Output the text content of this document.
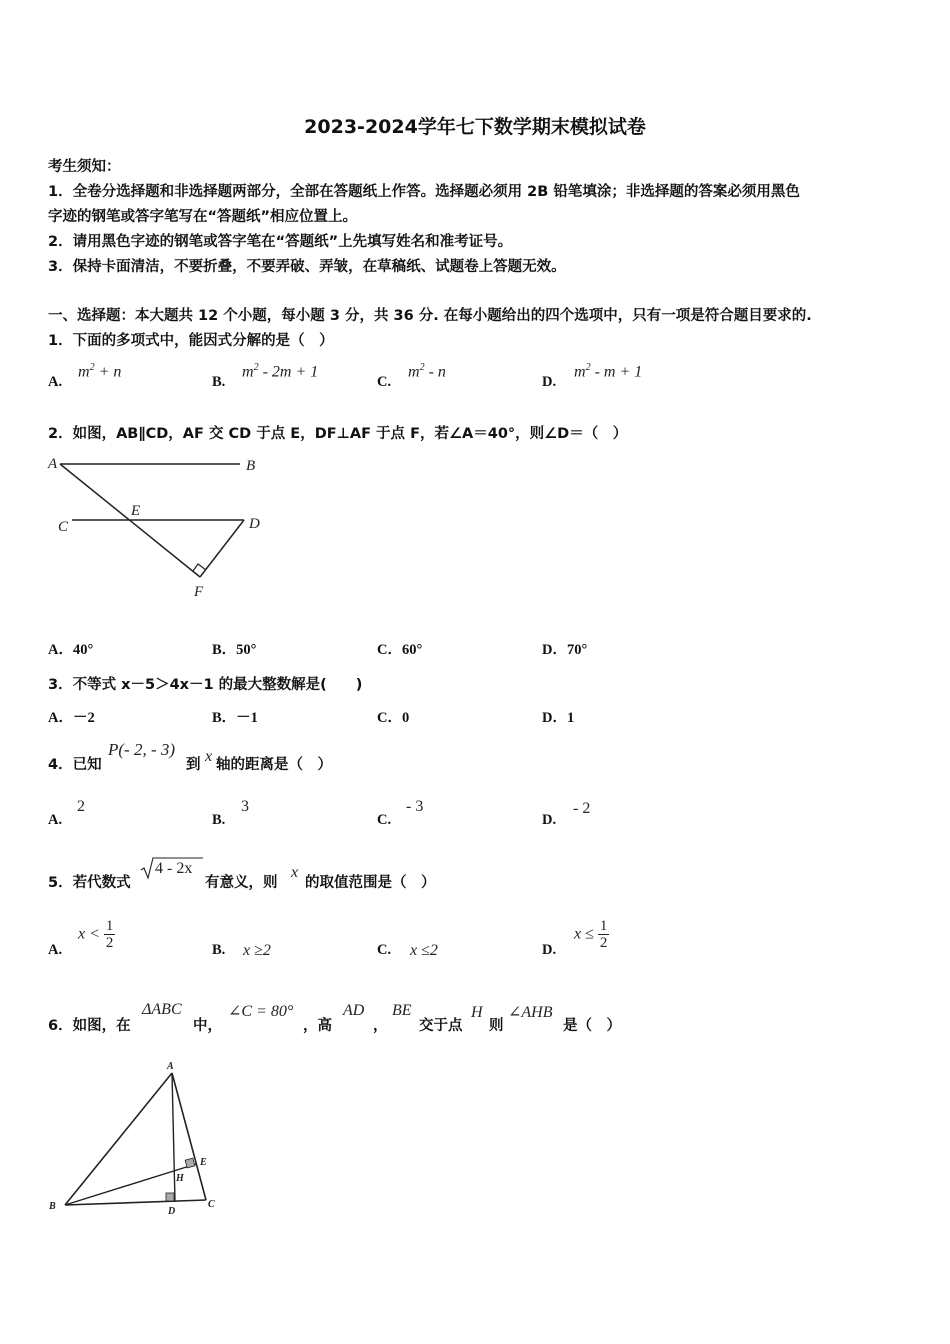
2023-2024学年七下数学期末模拟试卷
考生须知：
1．全卷分选择题和非选择题两部分，全部在答题纸上作答。选择题必须用 2B 铅笔填涂；非选择题的答案必须用黑色
字迹的钢笔或答字笔写在“答题纸”相应位置上。
2．请用黑色字迹的钢笔或答字笔在“答题纸”上先填写姓名和准考证号。
3．保持卡面清洁，不要折叠，不要弄破、弄皱，在草稿纸、试题卷上答题无效。
一、选择题：本大题共 12 个小题，每小题 3 分，共 36 分. 在每小题给出的四个选项中，只有一项是符合题目要求的.
1．下面的多项式中，能因式分解的是（　）
A.
$m^2 + n$
B.
$m^2 - 2m + 1$
C.
$m^2$ - n
D.
$m^2 - m + 1$
2．如图，AB∥CD，AF 交 CD 于点 E，DF⊥AF 于点 F，若∠A＝40°，则∠D＝（　）
A	B
C	D
E
F
A．40°	B．50°	C．60°	D．70°
3．不等式 x－5＞4x－1 的最大整数解是(　　)
A．－2	B．－1	C．0	D．1
4．已知
P(- 2, - 3)
到 x 轴的距离是（　）
A.
2
B.
3
C.
- 3
D.
- 2
5．若代数式
4 - 2x
有意义，则
x
的取值范围是（　）
A.
$x < \frac{1}{2}$	B. x ≥2	C. x ≤2	D.
$x \le \frac{1}{2}$
6．如图，在
ΔABC
中，
∠C = 80°
，高
AD
，
BE
交于点
H
则
∠AHB
是（　）
A
B	C
D
E
H
